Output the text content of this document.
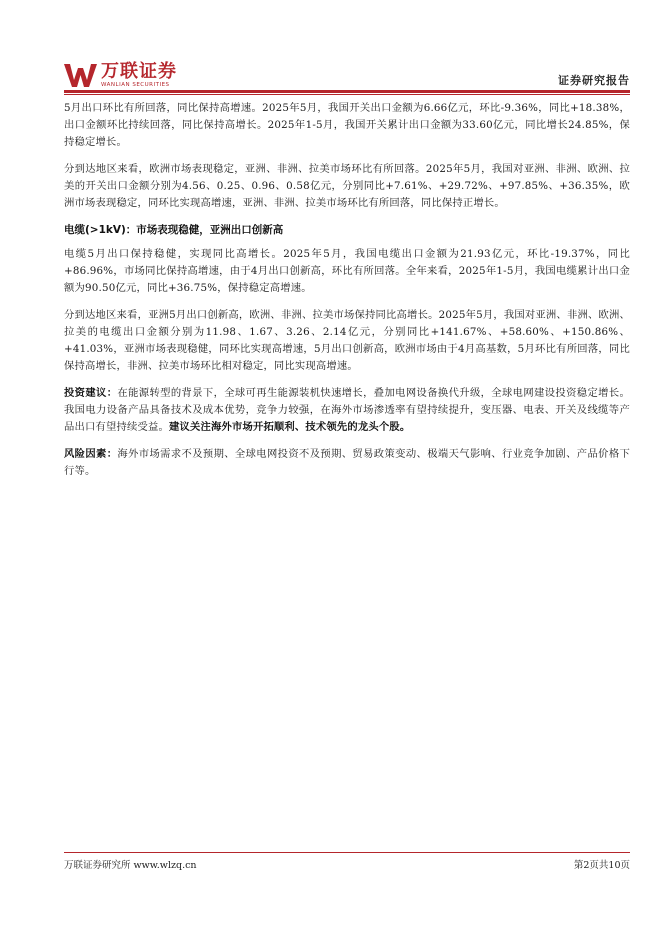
万联证券
WANLIAN SECURITIES	证券研究报告

5月出口环比有所回落，同比保持高增速。2025年5月，我国开关出口金额为6.66亿元，环比-9.36%，同比+18.38%，出口金额环比持续回落，同比保持高增长。2025年1-5月，我国开关累计出口金额为33.60亿元，同比增长24.85%，保持稳定增长。

分到达地区来看，欧洲市场表现稳定，亚洲、非洲、拉美市场环比有所回落。2025年5月，我国对亚洲、非洲、欧洲、拉美的开关出口金额分别为4.56、0.25、0.96、0.58亿元，分别同比+7.61%、+29.72%、+97.85%、+36.35%，欧洲市场表现稳定，同环比实现高增速，亚洲、非洲、拉美市场环比有所回落，同比保持正增长。

电缆(>1kV)：市场表现稳健，亚洲出口创新高

电缆5月出口保持稳健，实现同比高增长。2025年5月，我国电缆出口金额为21.93亿元，环比-19.37%，同比+86.96%，市场同比保持高增速，由于4月出口创新高，环比有所回落。全年来看，2025年1-5月，我国电缆累计出口金额为90.50亿元，同比+36.75%，保持稳定高增速。

分到达地区来看，亚洲5月出口创新高，欧洲、非洲、拉美市场保持同比高增长。2025年5月，我国对亚洲、非洲、欧洲、拉美的电缆出口金额分别为11.98、1.67、3.26、2.14亿元，分别同比+141.67%、+58.60%、+150.86%、+41.03%，亚洲市场表现稳健，同环比实现高增速，5月出口创新高，欧洲市场由于4月高基数，5月环比有所回落，同比保持高增长，非洲、拉美市场环比相对稳定，同比实现高增速。

投资建议：在能源转型的背景下，全球可再生能源装机快速增长，叠加电网设备换代升级，全球电网建设投资稳定增长。我国电力设备产品具备技术及成本优势，竞争力较强，在海外市场渗透率有望持续提升，变压器、电表、开关及线缆等产品出口有望持续受益。建议关注海外市场开拓顺利、技术领先的龙头个股。

风险因素：海外市场需求不及预期、全球电网投资不及预期、贸易政策变动、极端天气影响、行业竞争加剧、产品价格下行等。

万联证券研究所 www.wlzq.cn	第2页共10页
